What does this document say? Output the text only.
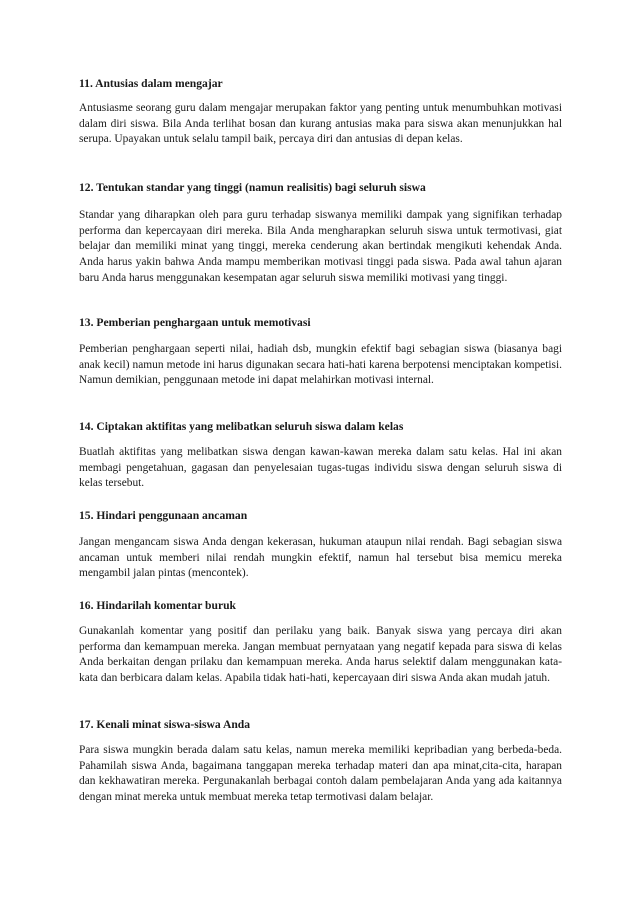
11. Antusias dalam mengajar
Antusiasme seorang guru dalam mengajar merupakan faktor yang penting untuk menumbuhkan motivasi dalam diri siswa. Bila Anda terlihat bosan dan kurang antusias maka para siswa akan menunjukkan hal serupa. Upayakan untuk selalu tampil baik, percaya diri dan antusias di depan kelas.
12. Tentukan standar yang tinggi (namun realisitis) bagi seluruh siswa
Standar yang diharapkan oleh para guru terhadap siswanya memiliki dampak yang signifikan terhadap performa dan kepercayaan diri mereka. Bila Anda mengharapkan seluruh siswa untuk termotivasi, giat belajar dan memiliki minat yang tinggi, mereka cenderung akan bertindak mengikuti kehendak Anda. Anda harus yakin bahwa Anda mampu memberikan motivasi tinggi pada siswa. Pada awal tahun ajaran baru Anda harus menggunakan kesempatan agar seluruh siswa memiliki motivasi yang tinggi.
13. Pemberian penghargaan untuk memotivasi
Pemberian penghargaan seperti nilai, hadiah dsb, mungkin efektif bagi sebagian siswa (biasanya bagi anak kecil) namun metode ini harus digunakan secara hati-hati karena berpotensi menciptakan kompetisi. Namun demikian, penggunaan metode ini dapat melahirkan motivasi internal.
14. Ciptakan aktifitas yang melibatkan seluruh siswa dalam kelas
Buatlah aktifitas yang melibatkan siswa dengan kawan-kawan mereka dalam satu kelas. Hal ini akan membagi pengetahuan, gagasan dan penyelesaian tugas-tugas individu siswa dengan seluruh siswa di kelas tersebut.
15. Hindari penggunaan ancaman
Jangan mengancam siswa Anda dengan kekerasan, hukuman ataupun nilai rendah. Bagi sebagian siswa ancaman untuk memberi nilai rendah mungkin efektif, namun hal tersebut bisa memicu mereka mengambil jalan pintas (mencontek).
16. Hindarilah komentar buruk
Gunakanlah komentar yang positif dan perilaku yang baik. Banyak siswa yang percaya diri akan performa dan kemampuan mereka. Jangan membuat pernyataan yang negatif kepada para siswa di kelas Anda berkaitan dengan prilaku dan kemampuan mereka. Anda harus selektif dalam menggunakan kata-kata dan berbicara dalam kelas. Apabila tidak hati-hati, kepercayaan diri siswa Anda akan mudah jatuh.
17. Kenali minat siswa-siswa Anda
Para siswa mungkin berada dalam satu kelas, namun mereka memiliki kepribadian yang berbeda-beda. Pahamilah siswa Anda, bagaimana tanggapan mereka terhadap materi dan apa minat,cita-cita, harapan dan kekhawatiran mereka. Pergunakanlah berbagai contoh dalam pembelajaran Anda yang ada kaitannya dengan minat mereka untuk membuat mereka tetap termotivasi dalam belajar.
